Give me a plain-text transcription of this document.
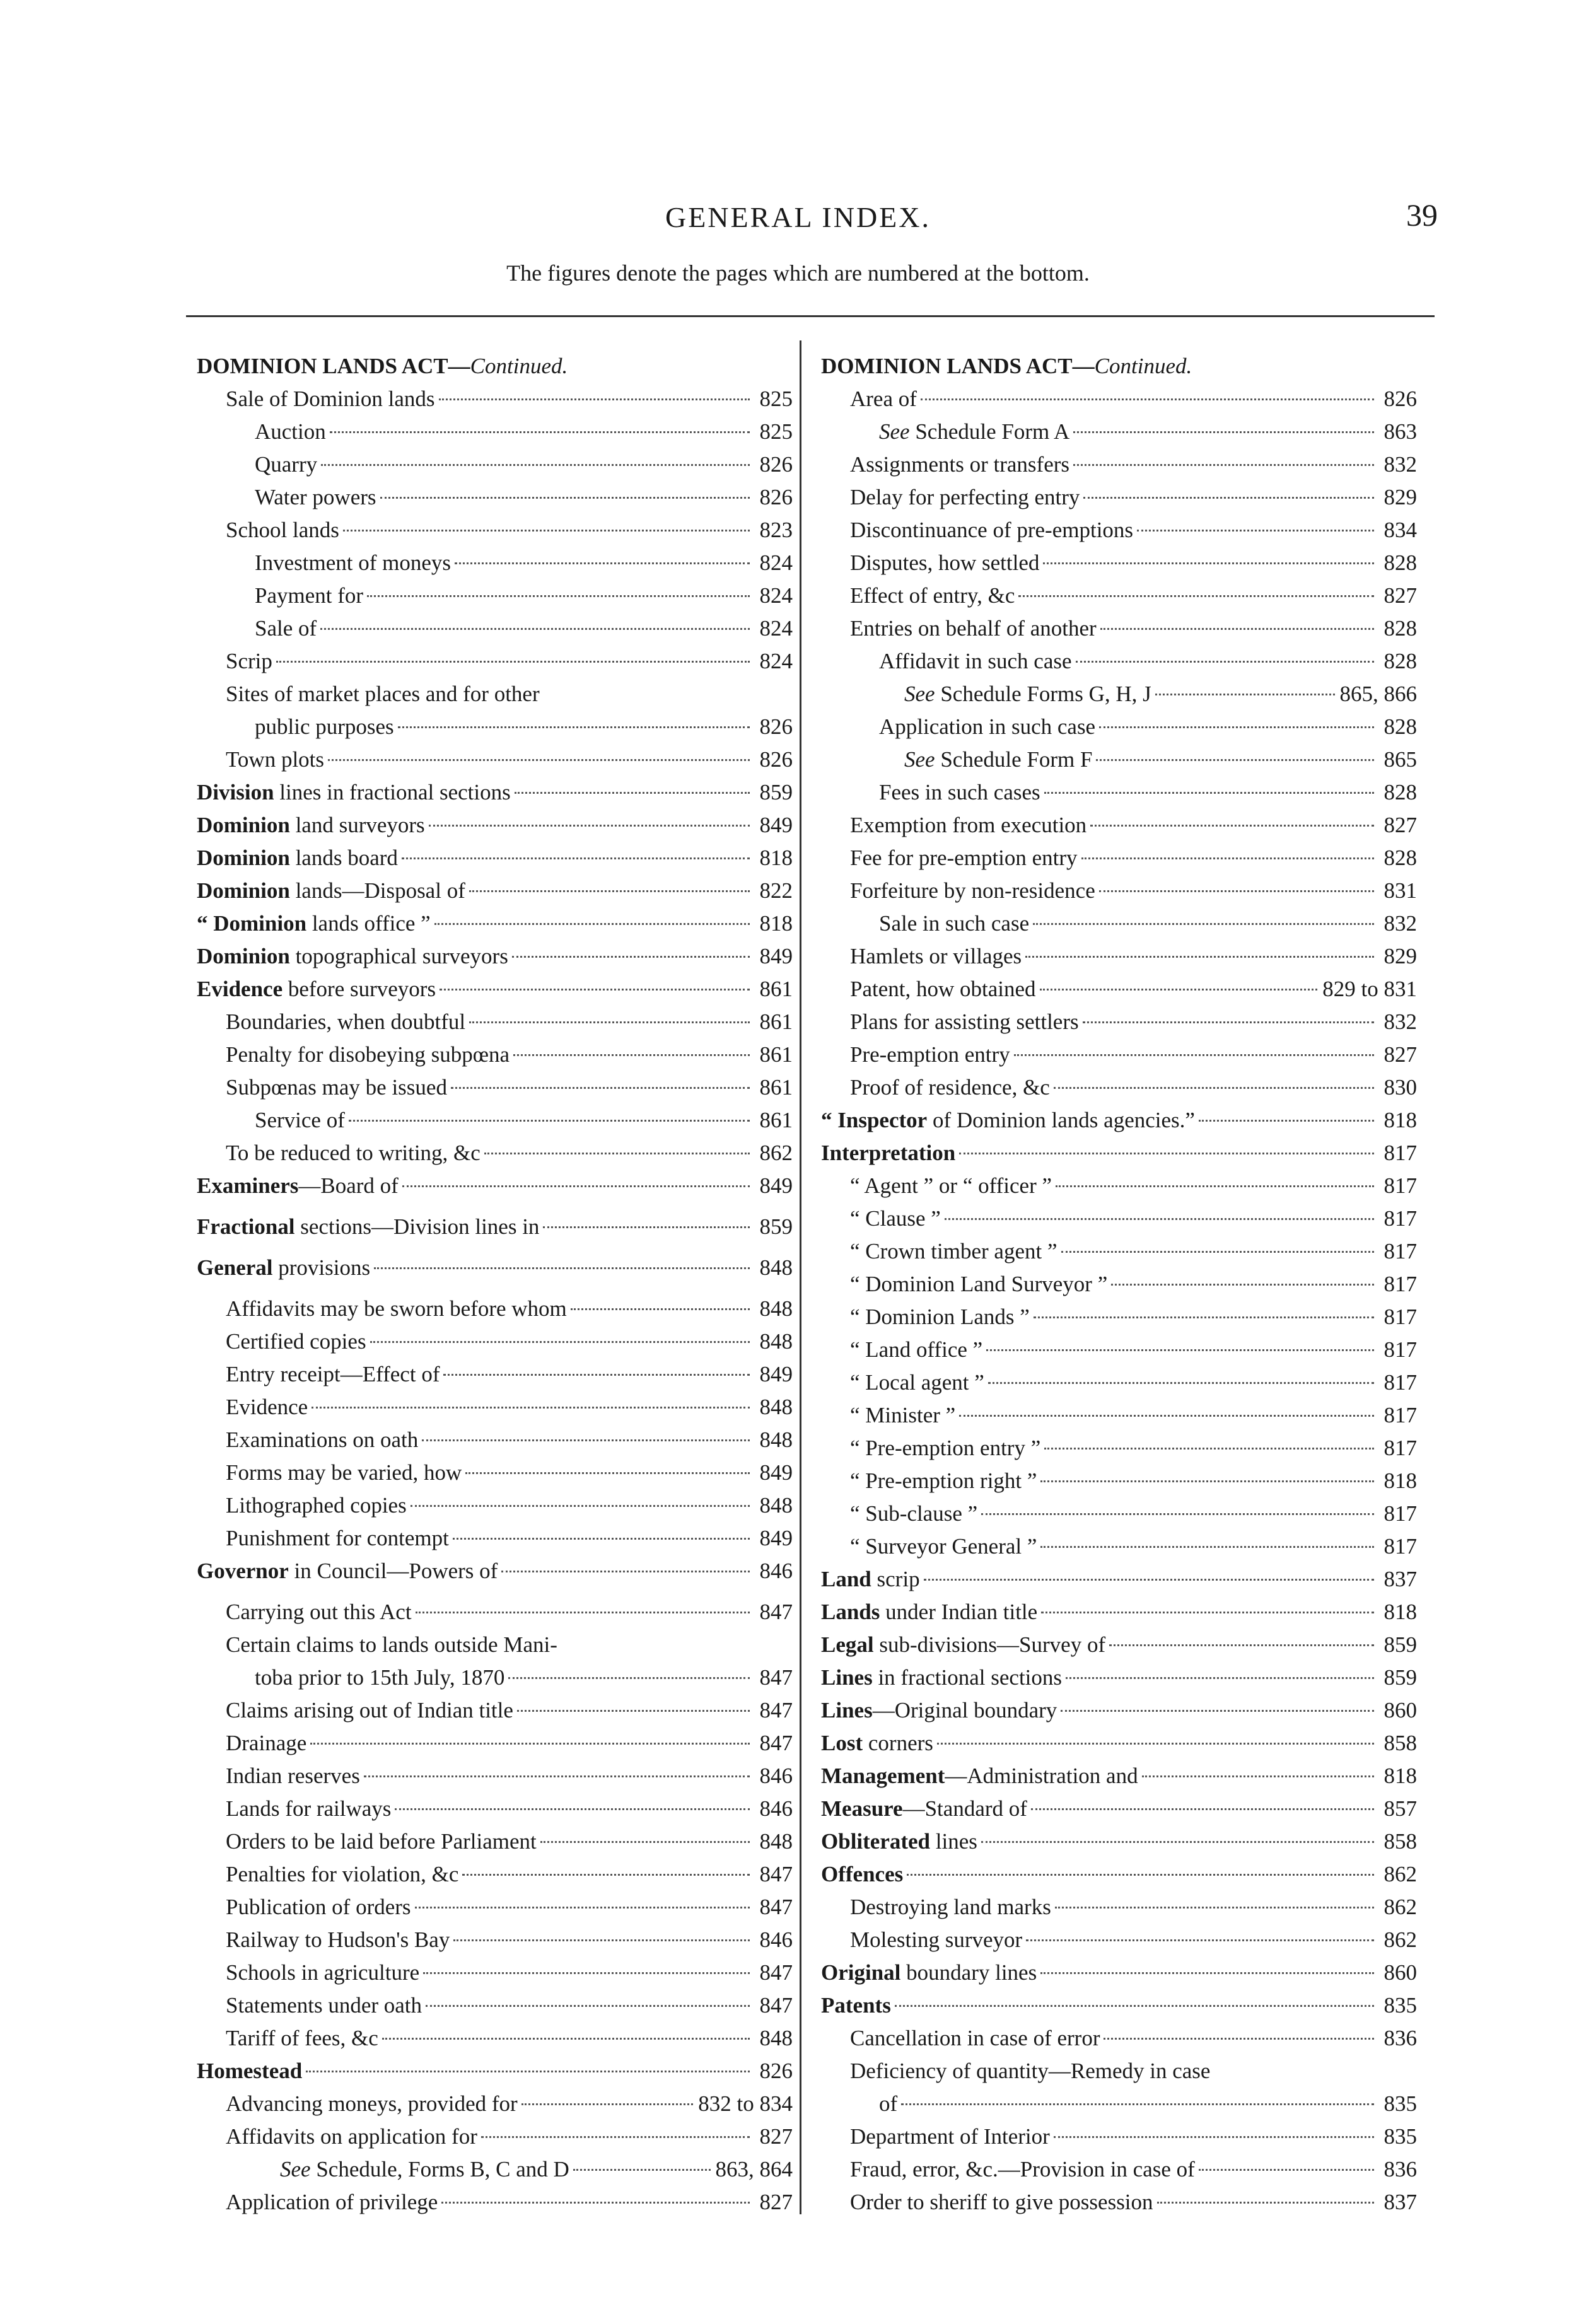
GENERAL INDEX.	39
The figures denote the pages which are numbered at the bottom.
DOMINION LANDS ACT—Continued.
Sale of Dominion lands	825
Auction	825
Quarry	826
Water powers	826
School lands	823
Investment of moneys	824
Payment for	824
Sale of	824
Scrip	824
Sites of market places and for other
public purposes	826
Town plots	826
Division lines in fractional sections	859
Dominion land surveyors	849
Dominion lands board	818
Dominion lands—Disposal of	822
“ Dominion lands office ”	818
Dominion topographical surveyors	849
Evidence before surveyors	861
Boundaries, when doubtful	861
Penalty for disobeying subpœna	861
Subpœnas may be issued	861
Service of	861
To be reduced to writing, &c	862
Examiners—Board of	849
Fractional sections—Division lines in	859
General provisions	848
Affidavits may be sworn before whom	848
Certified copies	848
Entry receipt—Effect of	849
Evidence	848
Examinations on oath	848
Forms may be varied, how	849
Lithographed copies	848
Punishment for contempt	849
Governor in Council—Powers of	846
Carrying out this Act	847
Certain claims to lands outside Mani-
toba prior to 15th July, 1870	847
Claims arising out of Indian title	847
Drainage	847
Indian reserves	846
Lands for railways	846
Orders to be laid before Parliament	848
Penalties for violation, &c	847
Publication of orders	847
Railway to Hudson's Bay	846
Schools in agriculture	847
Statements under oath	847
Tariff of fees, &c	848
Homestead	826
Advancing moneys, provided for	832 to 834
Affidavits on application for	827
See Schedule, Forms B, C and D	863, 864
Application of privilege	827
DOMINION LANDS ACT—Continued.
Area of	826
See Schedule Form A	863
Assignments or transfers	832
Delay for perfecting entry	829
Discontinuance of pre-emptions	834
Disputes, how settled	828
Effect of entry, &c	827
Entries on behalf of another	828
Affidavit in such case	828
See Schedule Forms G, H, J	865, 866
Application in such case	828
See Schedule Form F	865
Fees in such cases	828
Exemption from execution	827
Fee for pre-emption entry	828
Forfeiture by non-residence	831
Sale in such case	832
Hamlets or villages	829
Patent, how obtained	829 to 831
Plans for assisting settlers	832
Pre-emption entry	827
Proof of residence, &c	830
“ Inspector of Dominion lands agencies.”	818
Interpretation	817
“ Agent ” or “ officer ”	817
“ Clause ”	817
“ Crown timber agent ”	817
“ Dominion Land Surveyor ”	817
“ Dominion Lands ”	817
“ Land office ”	817
“ Local agent ”	817
“ Minister ”	817
“ Pre-emption entry ”	817
“ Pre-emption right ”	818
“ Sub-clause ”	817
“ Surveyor General ”	817
Land scrip	837
Lands under Indian title	818
Legal sub-divisions—Survey of	859
Lines in fractional sections	859
Lines—Original boundary	860
Lost corners	858
Management—Administration and	818
Measure—Standard of	857
Obliterated lines	858
Offences	862
Destroying land marks	862
Molesting surveyor	862
Original boundary lines	860
Patents	835
Cancellation in case of error	836
Deficiency of quantity—Remedy in case
of	835
Department of Interior	835
Fraud, error, &c.—Provision in case of	836
Order to sheriff to give possession	837
